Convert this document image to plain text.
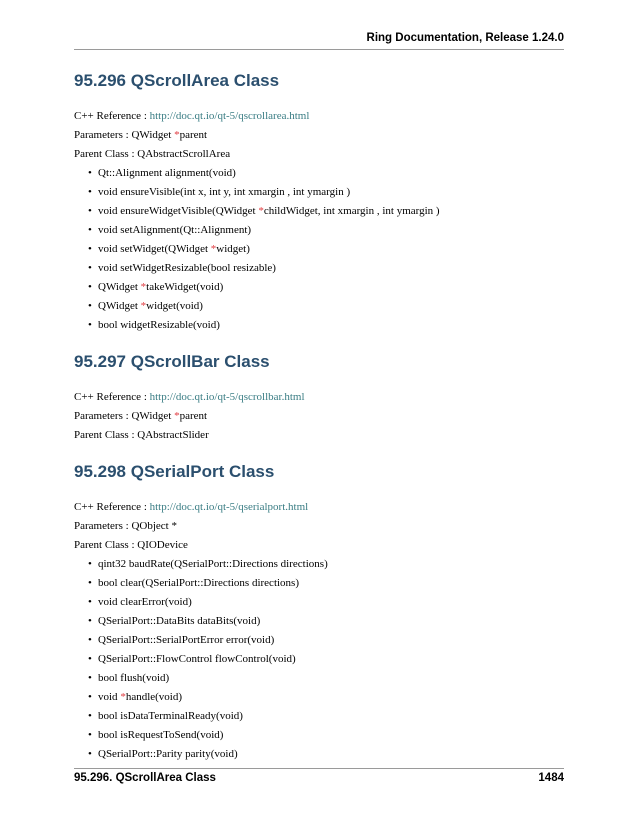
Ring Documentation, Release 1.24.0
95.296 QScrollArea Class

C++ Reference : http://doc.qt.io/qt-5/qscrollarea.html

Parameters : QWidget *parent

Parent Class : QAbstractScrollArea

• Qt::Alignment alignment(void)
• void ensureVisible(int x, int y, int xmargin , int ymargin )
• void ensureWidgetVisible(QWidget *childWidget, int xmargin , int ymargin )
• void setAlignment(Qt::Alignment)
• void setWidget(QWidget *widget)
• void setWidgetResizable(bool resizable)
• QWidget *takeWidget(void)
• QWidget *widget(void)
• bool widgetResizable(void)
95.297 QScrollBar Class

C++ Reference : http://doc.qt.io/qt-5/qscrollbar.html

Parameters : QWidget *parent

Parent Class : QAbstractSlider

95.298 QSerialPort Class

C++ Reference : http://doc.qt.io/qt-5/qserialport.html

Parameters : QObject *

Parent Class : QIODevice

• qint32 baudRate(QSerialPort::Directions directions)
• bool clear(QSerialPort::Directions directions)
• void clearError(void)
• QSerialPort::DataBits dataBits(void)
• QSerialPort::SerialPortError error(void)
• QSerialPort::FlowControl flowControl(void)
• bool flush(void)
• void *handle(void)
• bool isDataTerminalReady(void)
• bool isRequestToSend(void)
• QSerialPort::Parity parity(void)
95.296. QScrollArea Class	1484
